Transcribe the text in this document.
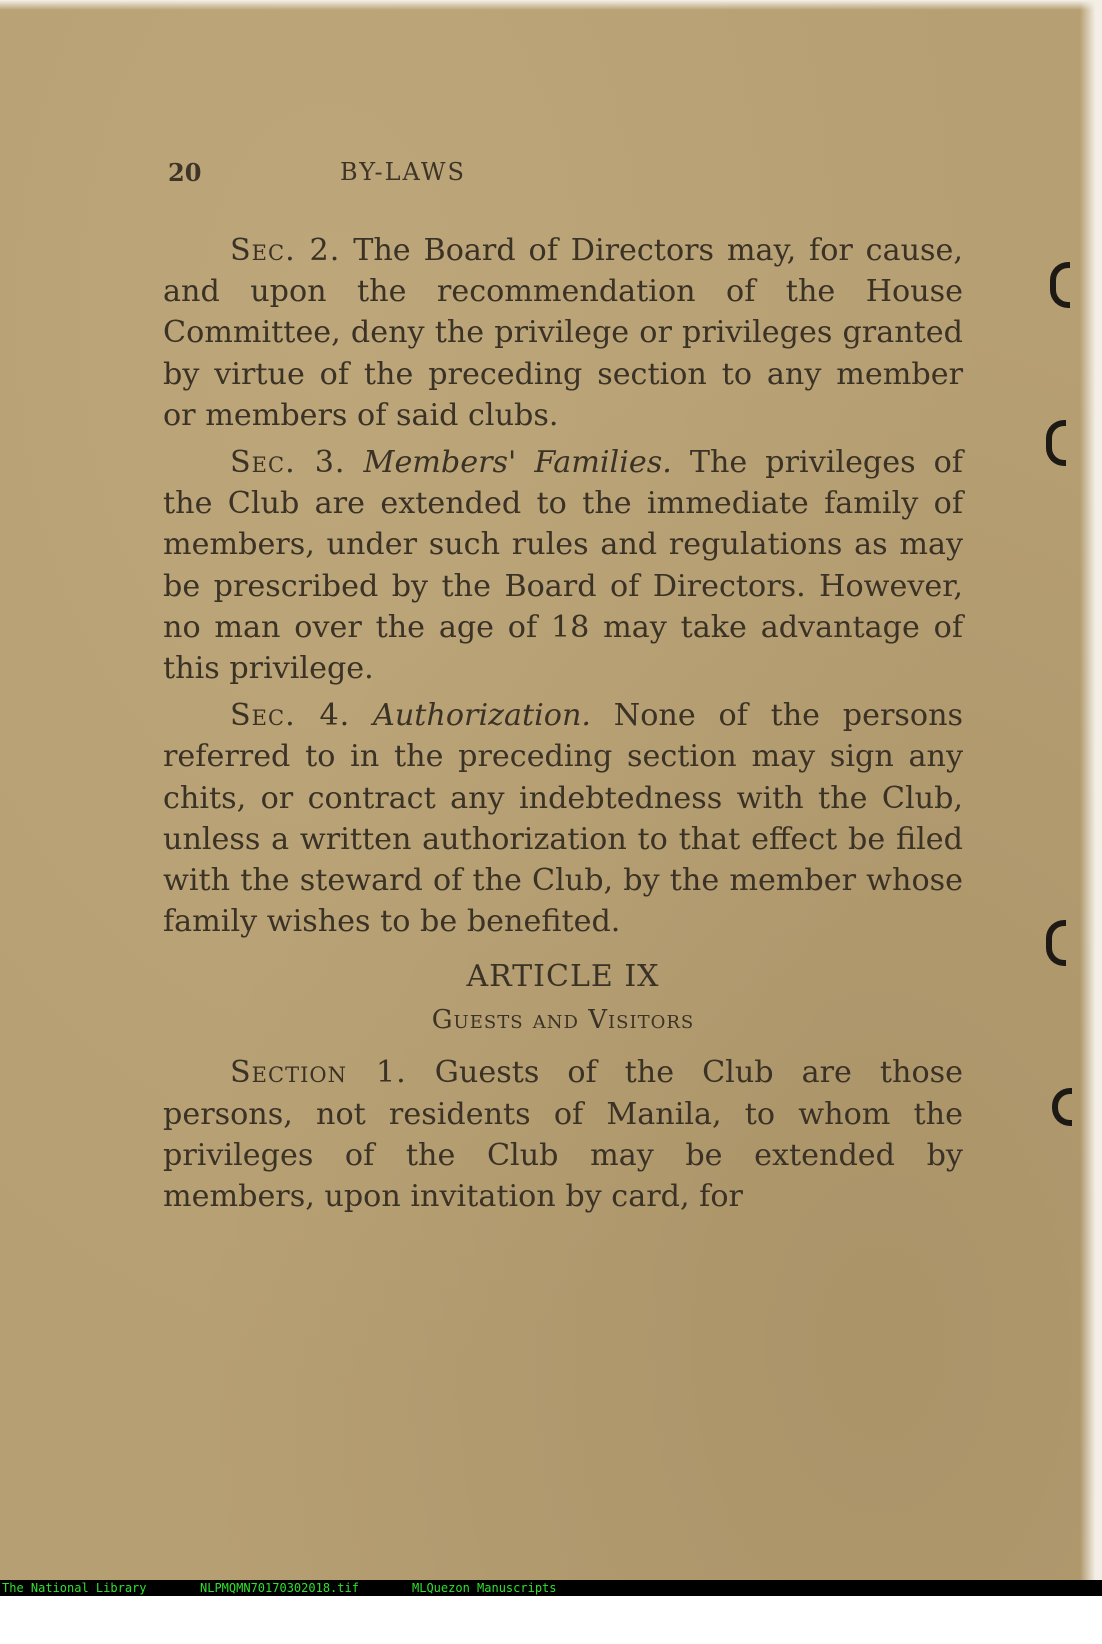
20	BY-LAWS

Sec. 2. The Board of Directors may, for cause, and upon the recommendation of the House Committee, deny the privilege or privileges granted by virtue of the preceding section to any member or members of said clubs.

Sec. 3. Members' Families. The privileges of the Club are extended to the immediate family of members, under such rules and regulations as may be prescribed by the Board of Directors. However, no man over the age of 18 may take advantage of this privilege.

Sec. 4. Authorization. None of the persons referred to in the preceding section may sign any chits, or contract any indebtedness with the Club, unless a written authorization to that effect be filed with the steward of the Club, by the member whose family wishes to be benefited.

ARTICLE IX
Guests and Visitors

Section 1. Guests of the Club are those persons, not residents of Manila, to whom the privileges of the Club may be extended by members, upon invitation by card, for

The National Library

	NLPMQMN70170302018.tif

	MLQuezon Manuscripts
